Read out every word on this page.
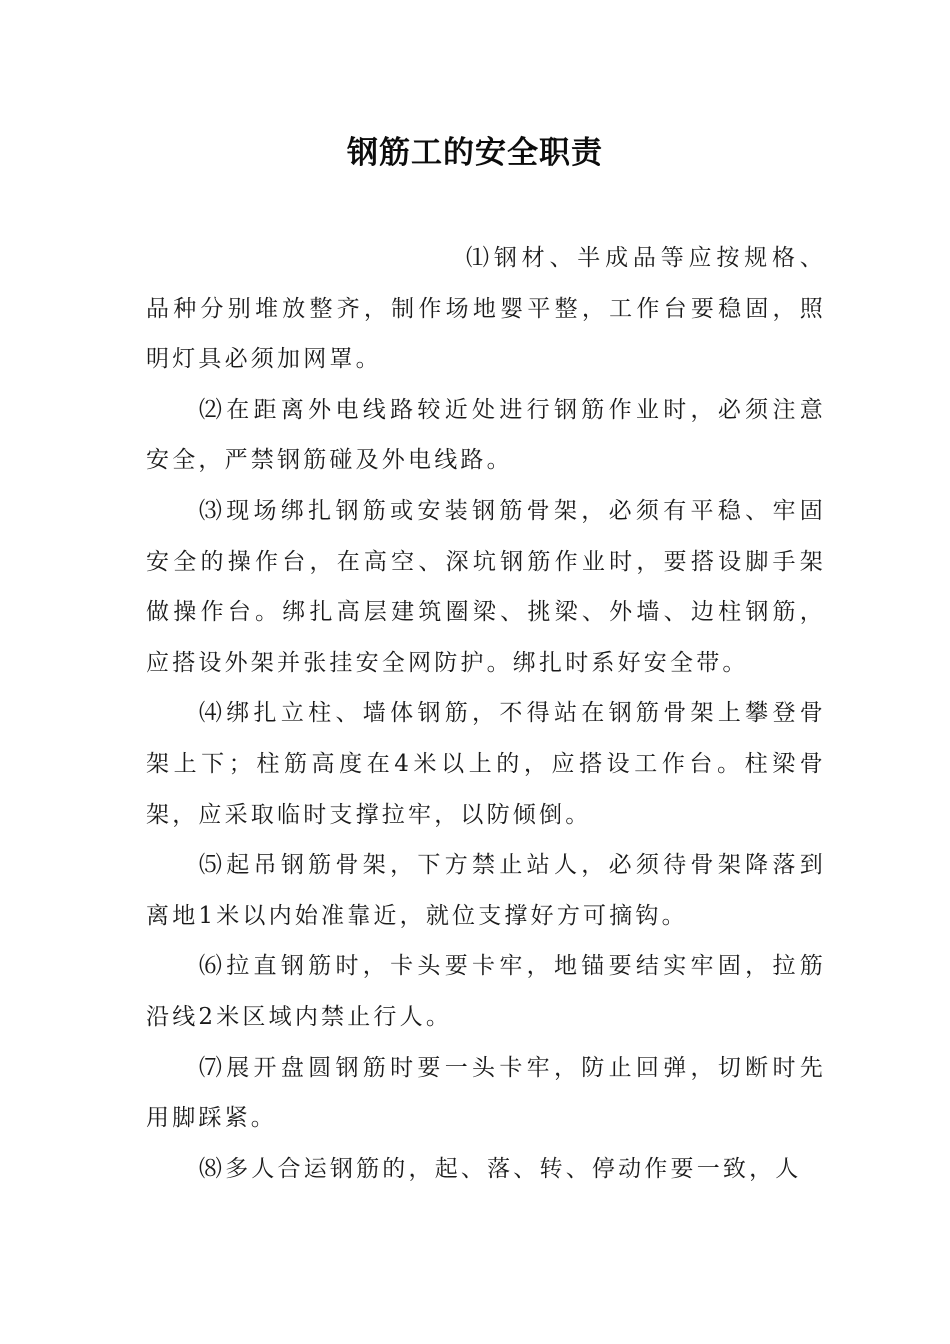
钢筋工的安全职责

⑴钢材、半成品等应按规格、品种分别堆放整齐，制作场地婴平整，工作台要稳固，照明灯具必须加网罩。

⑵在距离外电线路较近处进行钢筋作业时，必须注意安全，严禁钢筋碰及外电线路。

⑶现场绑扎钢筋或安装钢筋骨架，必须有平稳、牢固安全的操作台，在高空、深坑钢筋作业时，要搭设脚手架做操作台。绑扎高层建筑圈梁、挑梁、外墙、边柱钢筋，应搭设外架并张挂安全网防护。绑扎时系好安全带。

⑷绑扎立柱、墙体钢筋，不得站在钢筋骨架上攀登骨架上下；柱筋高度在4米以上的，应搭设工作台。柱梁骨架，应采取临时支撑拉牢，以防倾倒。

⑸起吊钢筋骨架，下方禁止站人，必须待骨架降落到离地1米以内始准靠近，就位支撑好方可摘钩。

⑹拉直钢筋时，卡头要卡牢，地锚要结实牢固，拉筋沿线2米区域内禁止行人。

⑺展开盘圆钢筋时要一头卡牢，防止回弹，切断时先用脚踩紧。

⑻多人合运钢筋的，起、落、转、停动作要一致，人
